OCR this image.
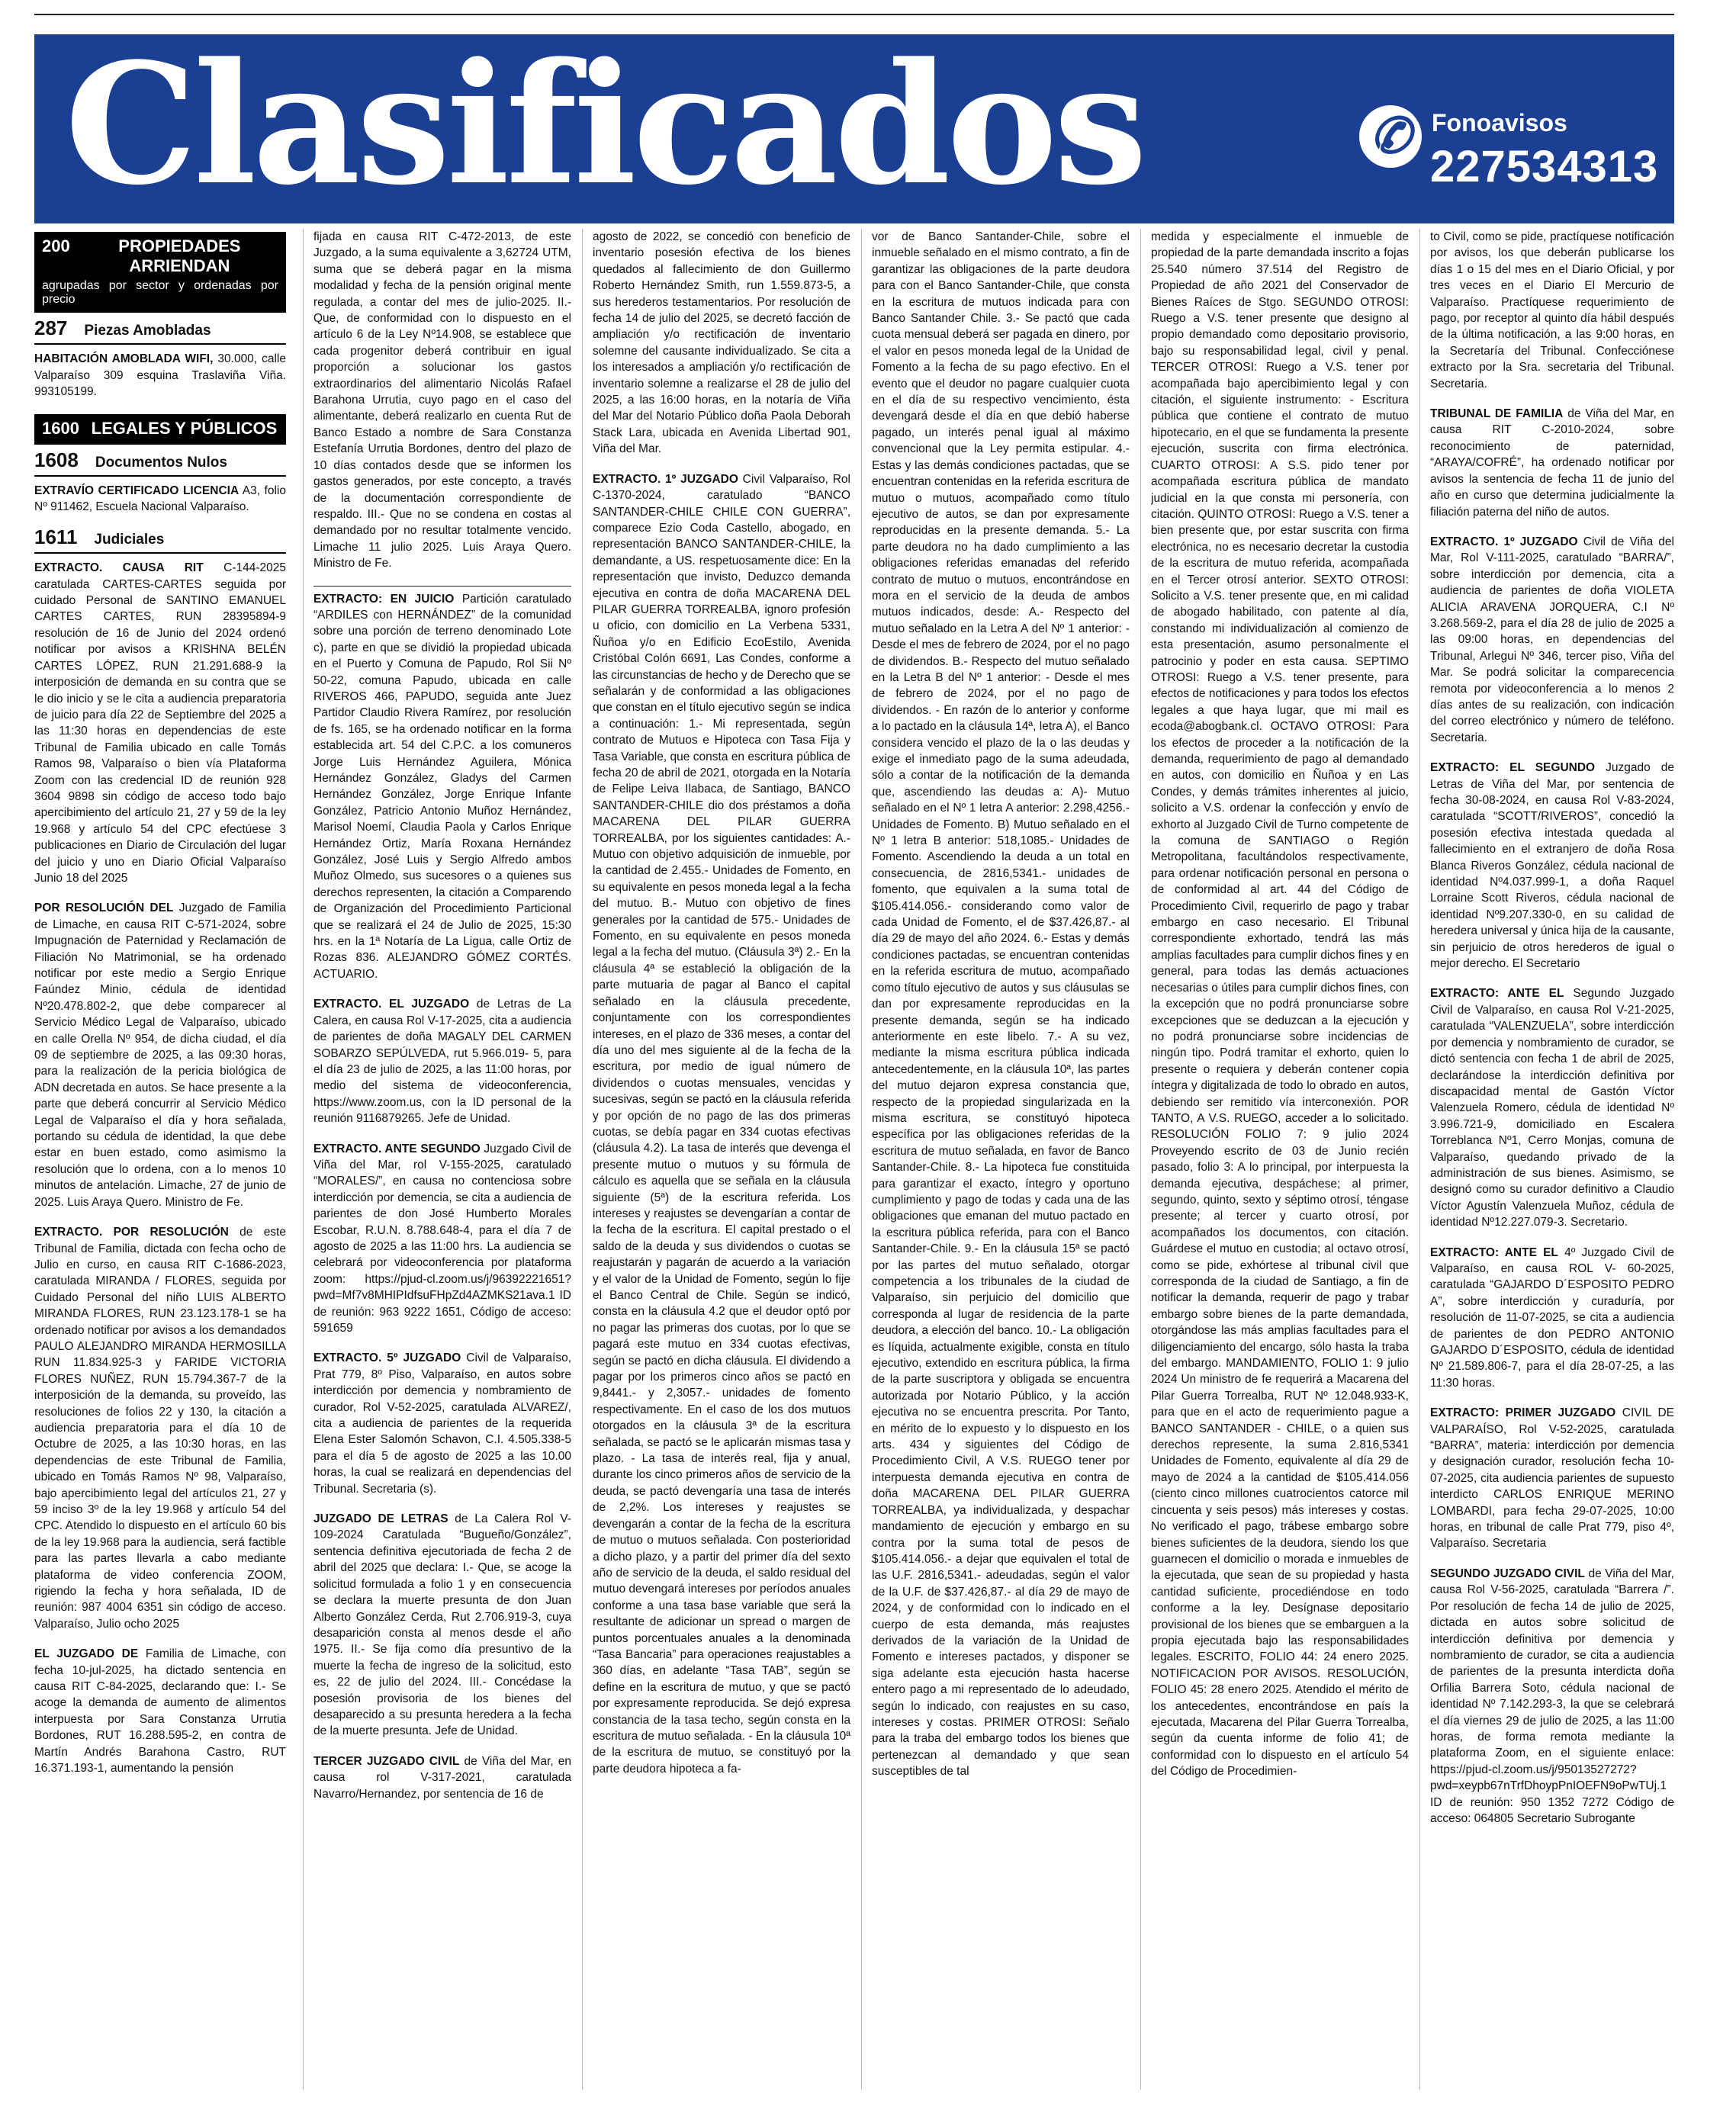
Clasificados	✆ Fonoavisos
227534313
200	PROPIEDADES ARRIENDAN
agrupadas por sector y ordenadas por precio
287 Piezas Amobladas

HABITACIÓN AMOBLADA WIFI, 30.000, calle Valparaíso 309 esquina Traslaviña Viña. 993105199.

1600 LEGALES Y PÚBLICOS
1608 Documentos Nulos

EXTRAVÍO CERTIFICADO LICENCIA A3, folio Nº 911462, Escuela Nacional Valparaíso.

1611 Judiciales

EXTRACTO. CAUSA RIT C-144-2025 caratulada CARTES-CARTES seguida por cuidado Personal de SANTINO EMANUEL CARTES CARTES, RUN 28395894-9 resolución de 16 de Junio del 2024 ordenó notificar por avisos a KRISHNA BELÉN CARTES LÓPEZ, RUN 21.291.688-9 la interposición de demanda en su contra que se le dio inicio y se le cita a audiencia preparatoria de juicio para día 22 de Septiembre del 2025 a las 11:30 horas en dependencias de este Tribunal de Familia ubicado en calle Tomás Ramos 98, Valparaíso o bien vía Plataforma Zoom con las credencial ID de reunión 928 3604 9898 sin código de acceso todo bajo apercibimiento del artículo 21, 27 y 59 de la ley 19.968 y artículo 54 del CPC efectúese 3 publicaciones en Diario de Circulación del lugar del juicio y uno en Diario Oficial Valparaíso Junio 18 del 2025

POR RESOLUCIÓN DEL Juzgado de Familia de Limache, en causa RIT C-571-2024, sobre Impugnación de Paternidad y Reclamación de Filiación No Matrimonial, se ha ordenado notificar por este medio a Sergio Enrique Faúndez Minio, cédula de identidad Nº20.478.802-2, que debe comparecer al Servicio Médico Legal de Valparaíso, ubicado en calle Orella Nº 954, de dicha ciudad, el día 09 de septiembre de 2025, a las 09:30 horas, para la realización de la pericia biológica de ADN decretada en autos. Se hace presente a la parte que deberá concurrir al Servicio Médico Legal de Valparaíso el día y hora señalada, portando su cédula de identidad, la que debe estar en buen estado, como asimismo la resolución que lo ordena, con a lo menos 10 minutos de antelación. Limache, 27 de junio de 2025. Luis Araya Quero. Ministro de Fe.

EXTRACTO. POR RESOLUCIÓN de este Tribunal de Familia, dictada con fecha ocho de Julio en curso, en causa RIT C-1686-2023, caratulada MIRANDA / FLORES, seguida por Cuidado Personal del niño LUIS ALBERTO MIRANDA FLORES, RUN 23.123.178-1 se ha ordenado notificar por avisos a los demandados PAULO ALEJANDRO MIRANDA HERMOSILLA RUN 11.834.925-3 y FARIDE VICTORIA FLORES NUÑEZ, RUN 15.794.367-7 de la interposición de la demanda, su proveído, las resoluciones de folios 22 y 130, la citación a audiencia preparatoria para el día 10 de Octubre de 2025, a las 10:30 horas, en las dependencias de este Tribunal de Familia, ubicado en Tomás Ramos Nº 98, Valparaíso, bajo apercibimiento legal del artículos 21, 27 y 59 inciso 3º de la ley 19.968 y artículo 54 del CPC. Atendido lo dispuesto en el artículo 60 bis de la ley 19.968 para la audiencia, será factible para las partes llevarla a cabo mediante plataforma de video conferencia ZOOM, rigiendo la fecha y hora señalada, ID de reunión: 987 4004 6351 sin código de acceso. Valparaíso, Julio ocho 2025

EL JUZGADO DE Familia de Limache, con fecha 10-jul-2025, ha dictado sentencia en causa RIT C-84-2025, declarando que: I.- Se acoge la demanda de aumento de alimentos interpuesta por Sara Constanza Urrutia Bordones, RUT 16.288.595-2, en contra de Martín Andrés Barahona Castro, RUT 16.371.193-1, aumentando la pensión

fijada en causa RIT C-472-2013, de este Juzgado, a la suma equivalente a 3,62724 UTM, suma que se deberá pagar en la misma modalidad y fecha de la pensión original mente regulada, a contar del mes de julio-2025. II.- Que, de conformidad con lo dispuesto en el artículo 6 de la Ley Nº14.908, se establece que cada progenitor deberá contribuir en igual proporción a solucionar los gastos extraordinarios del alimentario Nicolás Rafael Barahona Urrutia, cuyo pago en el caso del alimentante, deberá realizarlo en cuenta Rut de Banco Estado a nombre de Sara Constanza Estefanía Urrutia Bordones, dentro del plazo de 10 días contados desde que se informen los gastos generados, por este concepto, a través de la documentación correspondiente de respaldo. III.- Que no se condena en costas al demandado por no resultar totalmente vencido. Limache 11 julio 2025. Luis Araya Quero. Ministro de Fe.

EXTRACTO: EN JUICIO Partición caratulado “ARDILES con HERNÁNDEZ” de la comunidad sobre una porción de terreno denominado Lote c), parte en que se dividió la propiedad ubicada en el Puerto y Comuna de Papudo, Rol Sii Nº 50-22, comuna Papudo, ubicada en calle RIVEROS 466, PAPUDO, seguida ante Juez Partidor Claudio Rivera Ramírez, por resolución de fs. 165, se ha ordenado notificar en la forma establecida art. 54 del C.P.C. a los comuneros Jorge Luis Hernández Aguilera, Mónica Hernández González, Gladys del Carmen Hernández González, Jorge Enrique Infante González, Patricio Antonio Muñoz Hernández, Marisol Noemí, Claudia Paola y Carlos Enrique Hernández Ortiz, María Roxana Hernández González, José Luis y Sergio Alfredo ambos Muñoz Olmedo, sus sucesores o a quienes sus derechos representen, la citación a Comparendo de Organización del Procedimiento Particional que se realizará el 24 de Julio de 2025, 15:30 hrs. en la 1ª Notaría de La Ligua, calle Ortiz de Rozas 836. ALEJANDRO GÓMEZ CORTÉS. ACTUARIO.

EXTRACTO. EL JUZGADO de Letras de La Calera, en causa Rol V-17-2025, cita a audiencia de parientes de doña MAGALY DEL CARMEN SOBARZO SEPÚLVEDA, rut 5.966.019- 5, para el día 23 de julio de 2025, a las 11:00 horas, por medio del sistema de videoconferencia, https://www.zoom.us, con la ID personal de la reunión 9116879265. Jefe de Unidad.

EXTRACTO. ANTE SEGUNDO Juzgado Civil de Viña del Mar, rol V-155-2025, caratulado “MORALES/”, en causa no contenciosa sobre interdicción por demencia, se cita a audiencia de parientes de don José Humberto Morales Escobar, R.U.N. 8.788.648-4, para el día 7 de agosto de 2025 a las 11:00 hrs. La audiencia se celebrará por videoconferencia por plataforma zoom: https://pjud-cl.zoom.us/j/96392221651?pwd=Mf7v8MHIPIdfsuFHpZd4AZMKS21ava.1 ID de reunión: 963 9222 1651, Código de acceso: 591659

EXTRACTO. 5º JUZGADO Civil de Valparaíso, Prat 779, 8º Piso, Valparaíso, en autos sobre interdicción por demencia y nombramiento de curador, Rol V-52-2025, caratulada ALVAREZ/, cita a audiencia de parientes de la requerida Elena Ester Salomón Schavon, C.I. 4.505.338-5 para el día 5 de agosto de 2025 a las 10.00 horas, la cual se realizará en dependencias del Tribunal. Secretaria (s).

JUZGADO DE LETRAS de La Calera Rol V-109-2024 Caratulada “Bugueño/González”, sentencia definitiva ejecutoriada de fecha 2 de abril del 2025 que declara: I.- Que, se acoge la solicitud formulada a folio 1 y en consecuencia se declara la muerte presunta de don Juan Alberto González Cerda, Rut 2.706.919-3, cuya desaparición consta al menos desde el año 1975. II.- Se fija como día presuntivo de la muerte la fecha de ingreso de la solicitud, esto es, 22 de julio del 2024. III.- Concédase la posesión provisoria de los bienes del desaparecido a su presunta heredera a la fecha de la muerte presunta. Jefe de Unidad.

TERCER JUZGADO CIVIL de Viña del Mar, en causa rol V-317-2021, caratulada Navarro/Hernandez, por sentencia de 16 de

agosto de 2022, se concedió con beneficio de inventario posesión efectiva de los bienes quedados al fallecimiento de don Guillermo Roberto Hernández Smith, run 1.559.873-5, a sus herederos testamentarios. Por resolución de fecha 14 de julio del 2025, se decretó facción de ampliación y/o rectificación de inventario solemne del causante individualizado. Se cita a los interesados a ampliación y/o rectificación de inventario solemne a realizarse el 28 de julio del 2025, a las 16:00 horas, en la notaría de Viña del Mar del Notario Público doña Paola Deborah Stack Lara, ubicada en Avenida Libertad 901, Viña del Mar.

EXTRACTO. 1º JUZGADO Civil Valparaíso, Rol C-1370-2024, caratulado “BANCO SANTANDER-CHILE CHILE CON GUERRA”, comparece Ezio Coda Castello, abogado, en representación BANCO SANTANDER-CHILE, la demandante, a US. respetuosamente dice: En la representación que invisto, Deduzco demanda ejecutiva en contra de doña MACARENA DEL PILAR GUERRA TORREALBA, ignoro profesión u oficio, con domicilio en La Verbena 5331, Ñuñoa y/o en Edificio EcoEstilo, Avenida Cristóbal Colón 6691, Las Condes, conforme a las circunstancias de hecho y de Derecho que se señalarán y de conformidad a las obligaciones que constan en el título ejecutivo según se indica a continuación: 1.- Mi representada, según contrato de Mutuos e Hipoteca con Tasa Fija y Tasa Variable, que consta en escritura pública de fecha 20 de abril de 2021, otorgada en la Notaría de Felipe Leiva Ilabaca, de Santiago, BANCO SANTANDER-CHILE dio dos préstamos a doña MACARENA DEL PILAR GUERRA TORREALBA, por los siguientes cantidades: A.- Mutuo con objetivo adquisición de inmueble, por la cantidad de 2.455.- Unidades de Fomento, en su equivalente en pesos moneda legal a la fecha del mutuo. B.- Mutuo con objetivo de fines generales por la cantidad de 575.- Unidades de Fomento, en su equivalente en pesos moneda legal a la fecha del mutuo. (Cláusula 3ª) 2.- En la cláusula 4ª se estableció la obligación de la parte mutuaria de pagar al Banco el capital señalado en la cláusula precedente, conjuntamente con los correspondientes intereses, en el plazo de 336 meses, a contar del día uno del mes siguiente al de la fecha de la escritura, por medio de igual número de dividendos o cuotas mensuales, vencidas y sucesivas, según se pactó en la cláusula referida y por opción de no pago de las dos primeras cuotas, se debía pagar en 334 cuotas efectivas (cláusula 4.2). La tasa de interés que devenga el presente mutuo o mutuos y su fórmula de cálculo es aquella que se señala en la cláusula siguiente (5ª) de la escritura referida. Los intereses y reajustes se devengarían a contar de la fecha de la escritura. El capital prestado o el saldo de la deuda y sus dividendos o cuotas se reajustarán y pagarán de acuerdo a la variación y el valor de la Unidad de Fomento, según lo fije el Banco Central de Chile. Según se indicó, consta en la cláusula 4.2 que el deudor optó por no pagar las primeras dos cuotas, por lo que se pagará este mutuo en 334 cuotas efectivas, según se pactó en dicha cláusula. El dividendo a pagar por los primeros cinco años se pactó en 9,8441.- y 2,3057.- unidades de fomento respectivamente. En el caso de los dos mutuos otorgados en la cláusula 3ª de la escritura señalada, se pactó se le aplicarán mismas tasa y plazo. - La tasa de interés real, fija y anual, durante los cinco primeros años de servicio de la deuda, se pactó devengaría una tasa de interés de 2,2%. Los intereses y reajustes se devengarán a contar de la fecha de la escritura de mutuo o mutuos señalada. Con posterioridad a dicho plazo, y a partir del primer día del sexto año de servicio de la deuda, el saldo residual del mutuo devengará intereses por períodos anuales conforme a una tasa base variable que será la resultante de adicionar un spread o margen de puntos porcentuales anuales a la denominada “Tasa Bancaria” para operaciones reajustables a 360 días, en adelante “Tasa TAB”, según se define en la escritura de mutuo, y que se pactó por expresamente reproducida. Se dejó expresa constancia de la tasa techo, según consta en la escritura de mutuo señalada. - En la cláusula 10ª de la escritura de mutuo, se constituyó por la parte deudora hipoteca a fa-

vor de Banco Santander-Chile, sobre el inmueble señalado en el mismo contrato, a fin de garantizar las obligaciones de la parte deudora para con el Banco Santander-Chile, que consta en la escritura de mutuos indicada para con Banco Santander Chile. 3.- Se pactó que cada cuota mensual deberá ser pagada en dinero, por el valor en pesos moneda legal de la Unidad de Fomento a la fecha de su pago efectivo. En el evento que el deudor no pagare cualquier cuota en el día de su respectivo vencimiento, ésta devengará desde el día en que debió haberse pagado, un interés penal igual al máximo convencional que la Ley permita estipular. 4.- Estas y las demás condiciones pactadas, que se encuentran contenidas en la referida escritura de mutuo o mutuos, acompañado como título ejecutivo de autos, se dan por expresamente reproducidas en la presente demanda. 5.- La parte deudora no ha dado cumplimiento a las obligaciones referidas emanadas del referido contrato de mutuo o mutuos, encontrándose en mora en el servicio de la deuda de ambos mutuos indicados, desde: A.- Respecto del mutuo señalado en la Letra A del Nº 1 anterior: - Desde el mes de febrero de 2024, por el no pago de dividendos. B.- Respecto del mutuo señalado en la Letra B del Nº 1 anterior: - Desde el mes de febrero de 2024, por el no pago de dividendos. - En razón de lo anterior y conforme a lo pactado en la cláusula 14ª, letra A), el Banco considera vencido el plazo de la o las deudas y exige el inmediato pago de la suma adeudada, sólo a contar de la notificación de la demanda que, ascendiendo las deudas a: A)- Mutuo señalado en el Nº 1 letra A anterior: 2.298,4256.- Unidades de Fomento. B) Mutuo señalado en el Nº 1 letra B anterior: 518,1085.- Unidades de Fomento. Ascendiendo la deuda a un total en consecuencia, de 2816,5341.- unidades de fomento, que equivalen a la suma total de $105.414.056.- considerando como valor de cada Unidad de Fomento, el de $37.426,87.- al día 29 de mayo del año 2024. 6.- Estas y demás condiciones pactadas, se encuentran contenidas en la referida escritura de mutuo, acompañado como título ejecutivo de autos y sus cláusulas se dan por expresamente reproducidas en la presente demanda, según se ha indicado anteriormente en este libelo. 7.- A su vez, mediante la misma escritura pública indicada antecedentemente, en la cláusula 10ª, las partes del mutuo dejaron expresa constancia que, respecto de la propiedad singularizada en la misma escritura, se constituyó hipoteca específica por las obligaciones referidas de la escritura de mutuo señalada, en favor de Banco Santander-Chile. 8.- La hipoteca fue constituida para garantizar el exacto, íntegro y oportuno cumplimiento y pago de todas y cada una de las obligaciones que emanan del mutuo pactado en la escritura pública referida, para con el Banco Santander-Chile. 9.- En la cláusula 15ª se pactó por las partes del mutuo señalado, otorgar competencia a los tribunales de la ciudad de Valparaíso, sin perjuicio del domicilio que corresponda al lugar de residencia de la parte deudora, a elección del banco. 10.- La obligación es líquida, actualmente exigible, consta en título ejecutivo, extendido en escritura pública, la firma de la parte suscriptora y obligada se encuentra autorizada por Notario Público, y la acción ejecutiva no se encuentra prescrita. Por Tanto, en mérito de lo expuesto y lo dispuesto en los arts. 434 y siguientes del Código de Procedimiento Civil, A V.S. RUEGO tener por interpuesta demanda ejecutiva en contra de doña MACARENA DEL PILAR GUERRA TORREALBA, ya individualizada, y despachar mandamiento de ejecución y embargo en su contra por la suma total de pesos de $105.414.056.- a dejar que equivalen el total de las U.F. 2816,5341.- adeudadas, según el valor de la U.F. de $37.426,87.- al día 29 de mayo de 2024, y de conformidad con lo indicado en el cuerpo de esta demanda, más reajustes derivados de la variación de la Unidad de Fomento e intereses pactados, y disponer se siga adelante esta ejecución hasta hacerse entero pago a mi representado de lo adeudado, según lo indicado, con reajustes en su caso, intereses y costas. PRIMER OTROSI: Señalo para la traba del embargo todos los bienes que pertenezcan al demandado y que sean susceptibles de tal

medida y especialmente el inmueble de propiedad de la parte demandada inscrito a fojas 25.540 número 37.514 del Registro de Propiedad de año 2021 del Conservador de Bienes Raíces de Stgo. SEGUNDO OTROSI: Ruego a V.S. tener presente que designo al propio demandado como depositario provisorio, bajo su responsabilidad legal, civil y penal. TERCER OTROSI: Ruego a V.S. tener por acompañada bajo apercibimiento legal y con citación, el siguiente instrumento: - Escritura pública que contiene el contrato de mutuo hipotecario, en el que se fundamenta la presente ejecución, suscrita con firma electrónica. CUARTO OTROSI: A S.S. pido tener por acompañada escritura pública de mandato judicial en la que consta mi personería, con citación. QUINTO OTROSI: Ruego a V.S. tener a bien presente que, por estar suscrita con firma electrónica, no es necesario decretar la custodia de la escritura de mutuo referida, acompañada en el Tercer otrosí anterior. SEXTO OTROSI: Solicito a V.S. tener presente que, en mi calidad de abogado habilitado, con patente al día, constando mi individualización al comienzo de esta presentación, asumo personalmente el patrocinio y poder en esta causa. SEPTIMO OTROSI: Ruego a V.S. tener presente, para efectos de notificaciones y para todos los efectos legales a que haya lugar, que mi mail es ecoda@abogbank.cl. OCTAVO OTROSI: Para los efectos de proceder a la notificación de la demanda, requerimiento de pago al demandado en autos, con domicilio en Ñuñoa y en Las Condes, y demás trámites inherentes al juicio, solicito a V.S. ordenar la confección y envío de exhorto al Juzgado Civil de Turno competente de la comuna de SANTIAGO o Región Metropolitana, facultándolos respectivamente, para ordenar notificación personal en persona o de conformidad al art. 44 del Código de Procedimiento Civil, requerirlo de pago y trabar embargo en caso necesario. El Tribunal correspondiente exhortado, tendrá las más amplias facultades para cumplir dichos fines y en general, para todas las demás actuaciones necesarias o útiles para cumplir dichos fines, con la excepción que no podrá pronunciarse sobre excepciones que se deduzcan a la ejecución y no podrá pronunciarse sobre incidencias de ningún tipo. Podrá tramitar el exhorto, quien lo presente o requiera y deberán contener copia íntegra y digitalizada de todo lo obrado en autos, debiendo ser remitido vía interconexión. POR TANTO, A V.S. RUEGO, acceder a lo solicitado. RESOLUCIÓN FOLIO 7: 9 julio 2024 Proveyendo escrito de 03 de Junio recién pasado, folio 3: A lo principal, por interpuesta la demanda ejecutiva, despáchese; al primer, segundo, quinto, sexto y séptimo otrosí, téngase presente; al tercer y cuarto otrosí, por acompañados los documentos, con citación. Guárdese el mutuo en custodia; al octavo otrosí, como se pide, exhórtese al tribunal civil que corresponda de la ciudad de Santiago, a fin de notificar la demanda, requerir de pago y trabar embargo sobre bienes de la parte demandada, otorgándose las más amplias facultades para el diligenciamiento del encargo, sólo hasta la traba del embargo. MANDAMIENTO, FOLIO 1: 9 julio 2024 Un ministro de fe requerirá a Macarena del Pilar Guerra Torrealba, RUT Nº 12.048.933-K, para que en el acto de requerimiento pague a BANCO SANTANDER - CHILE, o a quien sus derechos represente, la suma 2.816,5341 Unidades de Fomento, equivalente al día 29 de mayo de 2024 a la cantidad de $105.414.056 (ciento cinco millones cuatrocientos catorce mil cincuenta y seis pesos) más intereses y costas. No verificado el pago, trábese embargo sobre bienes suficientes de la deudora, siendo los que guarnecen el domicilio o morada e inmuebles de la ejecutada, que sean de su propiedad y hasta cantidad suficiente, procediéndose en todo conforme a la ley. Desígnase depositario provisional de los bienes que se embarguen a la propia ejecutada bajo las responsabilidades legales. ESCRITO, FOLIO 44: 24 enero 2025. NOTIFICACION POR AVISOS. RESOLUCIÓN, FOLIO 45: 28 enero 2025. Atendido el mérito de los antecedentes, encontrándose en país la ejecutada, Macarena del Pilar Guerra Torrealba, según da cuenta informe de folio 41; de conformidad con lo dispuesto en el artículo 54 del Código de Procedimien-

to Civil, como se pide, practíquese notificación por avisos, los que deberán publicarse los días 1 o 15 del mes en el Diario Oficial, y por tres veces en el Diario El Mercurio de Valparaíso. Practíquese requerimiento de pago, por receptor al quinto día hábil después de la última notificación, a las 9:00 horas, en la Secretaría del Tribunal. Confecciónese extracto por la Sra. secretaria del Tribunal. Secretaria.

TRIBUNAL DE FAMILIA de Viña del Mar, en causa RIT C-2010-2024, sobre reconocimiento de paternidad, “ARAYA/COFRÉ”, ha ordenado notificar por avisos la sentencia de fecha 11 de junio del año en curso que determina judicialmente la filiación paterna del niño de autos.

EXTRACTO. 1º JUZGADO Civil de Viña del Mar, Rol V-111-2025, caratulado “BARRA/”, sobre interdicción por demencia, cita a audiencia de parientes de doña VIOLETA ALICIA ARAVENA JORQUERA, C.I Nº 3.268.569-2, para el día 28 de julio de 2025 a las 09:00 horas, en dependencias del Tribunal, Arlegui Nº 346, tercer piso, Viña del Mar. Se podrá solicitar la comparecencia remota por videoconferencia a lo menos 2 días antes de su realización, con indicación del correo electrónico y número de teléfono. Secretaria.

EXTRACTO: EL SEGUNDO Juzgado de Letras de Viña del Mar, por sentencia de fecha 30-08-2024, en causa Rol V-83-2024, caratulada “SCOTT/RIVEROS”, concedió la posesión efectiva intestada quedada al fallecimiento en el extranjero de doña Rosa Blanca Riveros González, cédula nacional de identidad Nº4.037.999-1, a doña Raquel Lorraine Scott Riveros, cédula nacional de identidad Nº9.207.330-0, en su calidad de heredera universal y única hija de la causante, sin perjuicio de otros herederos de igual o mejor derecho. El Secretario

EXTRACTO: ANTE EL Segundo Juzgado Civil de Valparaíso, en causa Rol V-21-2025, caratulada “VALENZUELA”, sobre interdicción por demencia y nombramiento de curador, se dictó sentencia con fecha 1 de abril de 2025, declarándose la interdicción definitiva por discapacidad mental de Gastón Víctor Valenzuela Romero, cédula de identidad Nº 3.996.721-9, domiciliado en Escalera Torreblanca Nº1, Cerro Monjas, comuna de Valparaíso, quedando privado de la administración de sus bienes. Asimismo, se designó como su curador definitivo a Claudio Víctor Agustín Valenzuela Muñoz, cédula de identidad Nº12.227.079-3. Secretario.

EXTRACTO: ANTE EL 4º Juzgado Civil de Valparaíso, en causa ROL V- 60-2025, caratulada “GAJARDO D´ESPOSITO PEDRO A”, sobre interdicción y curaduría, por resolución de 11-07-2025, se cita a audiencia de parientes de don PEDRO ANTONIO GAJARDO D´ESPOSITO, cédula de identidad Nº 21.589.806-7, para el día 28-07-25, a las 11:30 horas.

EXTRACTO: PRIMER JUZGADO CIVIL DE VALPARAÍSO, Rol V-52-2025, caratulada “BARRA”, materia: interdicción por demencia y designación curador, resolución fecha 10-07-2025, cita audiencia parientes de supuesto interdicto CARLOS ENRIQUE MERINO LOMBARDI, para fecha 29-07-2025, 10:00 horas, en tribunal de calle Prat 779, piso 4º, Valparaíso. Secretaria

SEGUNDO JUZGADO CIVIL de Viña del Mar, causa Rol V-56-2025, caratulada “Barrera /”. Por resolución de fecha 14 de julio de 2025, dictada en autos sobre solicitud de interdicción definitiva por demencia y nombramiento de curador, se cita a audiencia de parientes de la presunta interdicta doña Orfilia Barrera Soto, cédula nacional de identidad Nº 7.142.293-3, la que se celebrará el día viernes 29 de julio de 2025, a las 11:00 horas, de forma remota mediante la plataforma Zoom, en el siguiente enlace: https://pjud-cl.zoom.us/j/95013527272?pwd=xeypb67nTrfDhoypPnIOEFN9oPwTUj.1 ID de reunión: 950 1352 7272 Código de acceso: 064805 Secretario Subrogante
